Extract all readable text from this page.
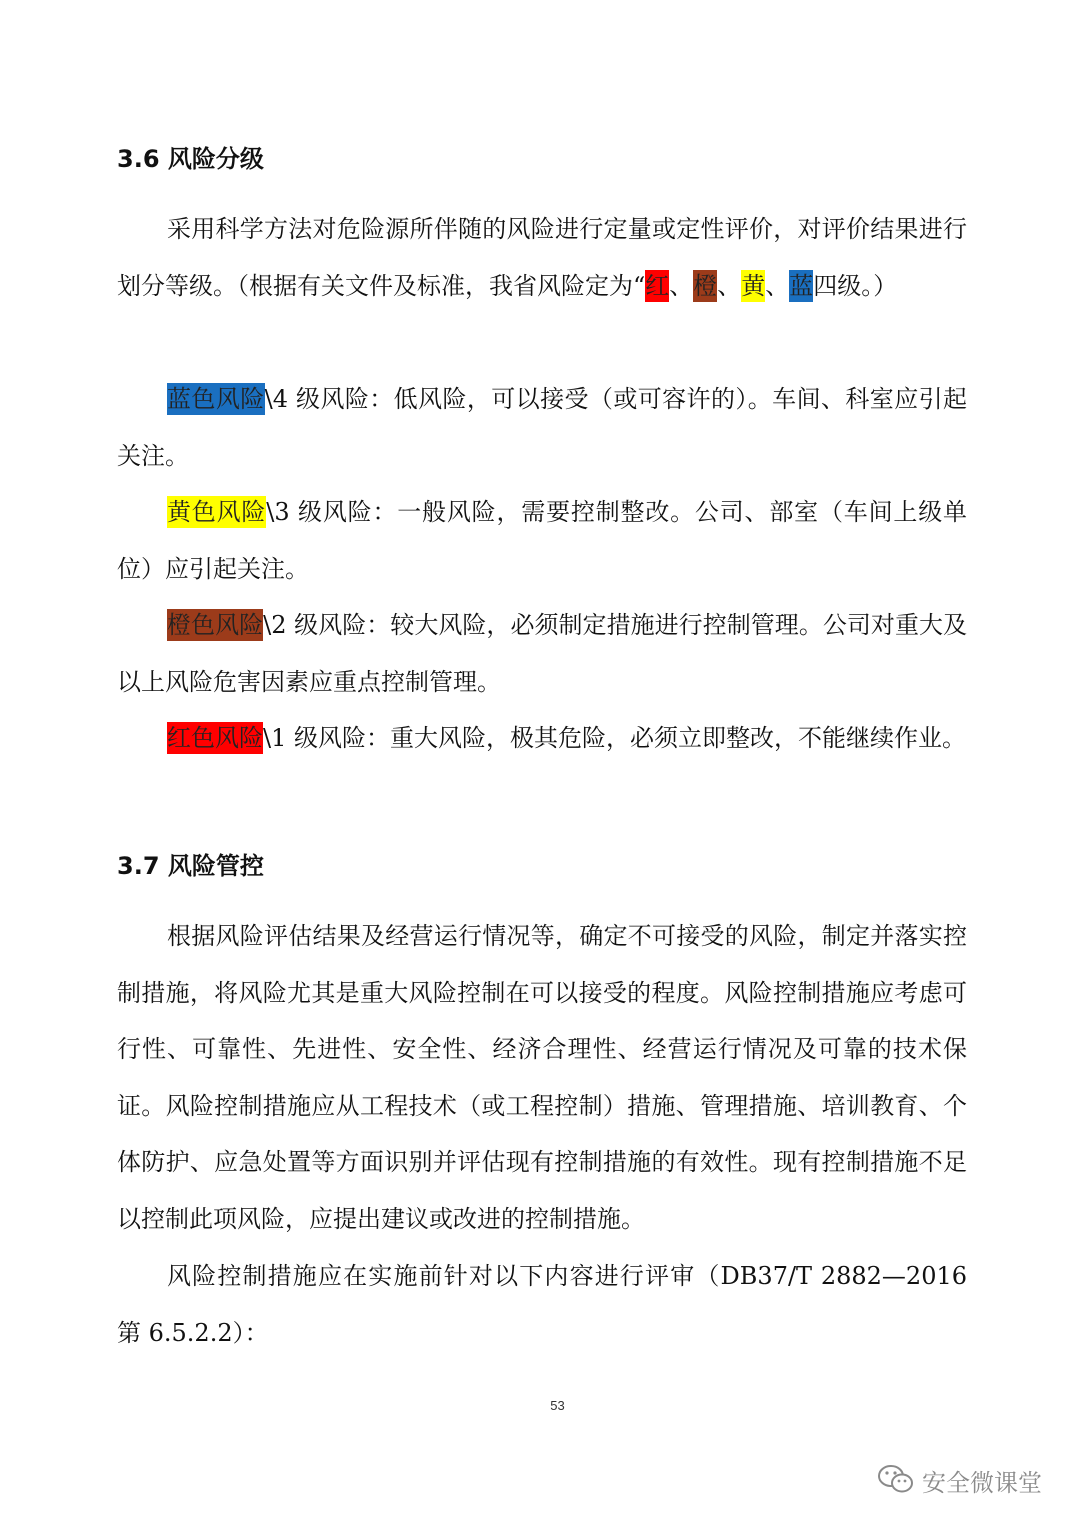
3.6 风险分级

采用科学方法对危险源所伴随的风险进行定量或定性评价，对评价结果进行划分等级。（根据有关文件及标准，我省风险定为“红、橙、黄、蓝四级。）

蓝色风险\4 级风险：低风险，可以接受（或可容许的）。车间、科室应引起关注。

黄色风险\3 级风险：一般风险，需要控制整改。公司、部室（车间上级单位）应引起关注。

橙色风险\2 级风险：较大风险，必须制定措施进行控制管理。公司对重大及以上风险危害因素应重点控制管理。

红色风险\1 级风险：重大风险，极其危险，必须立即整改，不能继续作业。

3.7 风险管控

根据风险评估结果及经营运行情况等，确定不可接受的风险，制定并落实控制措施，将风险尤其是重大风险控制在可以接受的程度。风险控制措施应考虑可行性、可靠性、先进性、安全性、经济合理性、经营运行情况及可靠的技术保证。风险控制措施应从工程技术（或工程控制）措施、管理措施、培训教育、个体防护、应急处置等方面识别并评估现有控制措施的有效性。现有控制措施不足以控制此项风险，应提出建议或改进的控制措施。

风险控制措施应在实施前针对以下内容进行评审（DB37/T 2882—2016 第 6.5.2.2）：

53
安全微课堂
